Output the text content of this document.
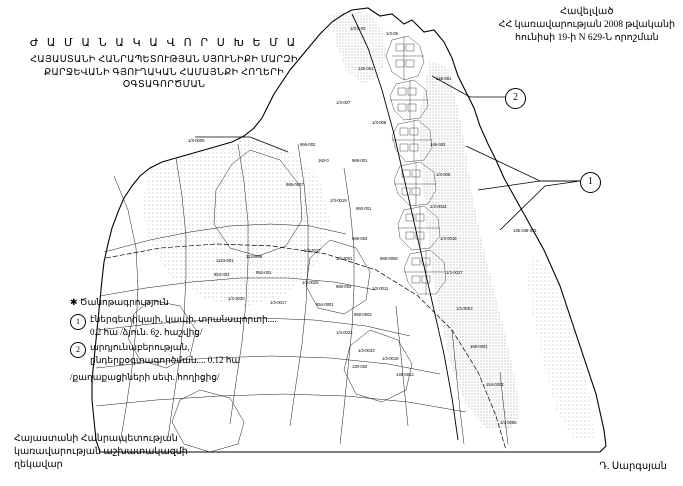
1/3-0-03
146-051
1/3-05
146-001
135-346-031
1/3-007
1/3-008
160-0	968-001
966-002
1/3-0005
966-0007
1/3-0019
960-001
968-003
1124-001
1124999
1/3-2017
1/3-3001	966-0006
954-003	952-001
1/3-0025
960-004	1/3-0011
1/3-3030
1/3-0017	954-0001
968-0002
1/3-0022
1/3-0033
130-002
1/3-0018
146-0012
146-003
1/3-006
1/3-0044
1/3-0016
1/3-0027
1/3-3003
158-0001
154-0002
1/3-0055
2
1
Հավելված
ՀՀ կառավարության 2008 թվականի
հունիսի 19-ի N 629-Ն որոշման
Ժ Ա Մ Ա Ն Ա Կ Ա Վ Ո Ր Ս Խ Ե Մ Ա
ՀԱՅԱՍՏԱՆԻ ՀԱՆՐԱՊԵՏՈՒԹՅԱՆ ՍՅՈՒՆԻՔԻ ՄԱՐԶԻ
ՔԱՐՋԵՎԱՆԻ ԳՅՈՒՂԱԿԱՆ ՀԱՄԱՅՆՔԻ ՀՈՂԵՐԻ
ՕԳՏԱԳՈՐԾՄԱՆ
✱ Ծանոթագրություն
1	էներգետիկայի, կապի, տրանսպորտի.... 0.2 հա /ձյուն. 6շ. հաշվից/
2	արդյունաբերության, ընդերքօգտագործման.... 0.12 հա
/քաղաքացիների սեփ. հողիցից/
Հայաստանի Հանրապետության
կառավարության աշխատակազմի
ղեկավար	Դ. Սարգսյան
